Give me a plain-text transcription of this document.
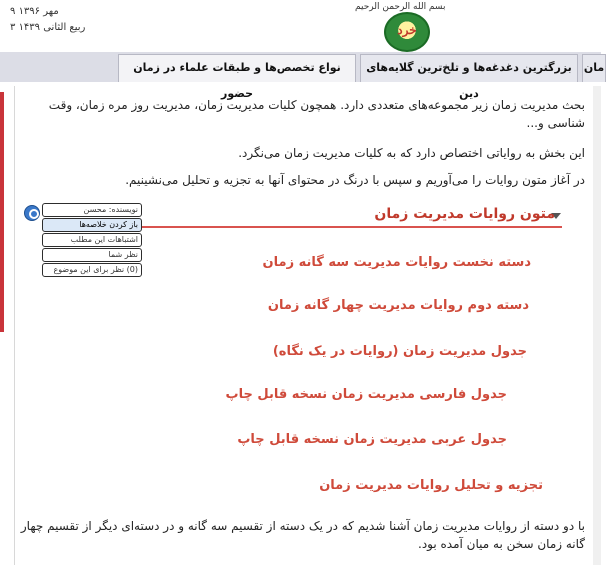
۹ مهر ۱۳۹۶
۳ ربیع الثانی ۱۴۳۹
بسم الله الرحمن الرحیم
خرد
نواع تخصص‌ها و طبقات علماء در زمان حضور
بزرگترین دغدغه‌ها و تلخ‌ترین گلایه‌های دین
مان
بحث مدیریت زمان زیر مجموعه‌های متعددی دارد. همچون کلیات مدیریت زمان، مدیریت روز مره زمان، وقت شناسی و...
این بخش به روایاتی اختصاص دارد که به کلیات مدیریت زمان می‌نگرد.
در آغاز متون روایات را می‌آوریم و سپس با درنگ در محتوای آنها به تجزیه و تحلیل می‌نشینیم.
متون روایات مدیریت زمان
دسته نخست روایات مدیریت سه گانه زمان
دسته دوم روایات مدیریت چهار گانه زمان
جدول مدیریت زمان (روایات در یک نگاه)
جدول فارسی مدیریت زمان نسخه قابل چاپ
جدول عربی مدیریت زمان نسخه قابل چاپ
تجزیه و تحلیل روایات مدیریت زمان
با دو دسته از روایات مدیریت زمان آشنا شدیم که در یک دسته از تقسیم سه گانه و در دسته‌ای دیگر از تقسیم چهار گانه زمان سخن به میان آمده بود.
نویسنده: محسن
باز کردن خلاصه‌ها
اشتباهات این مطلب
نظر شما
(0) نظر برای این موضوع
